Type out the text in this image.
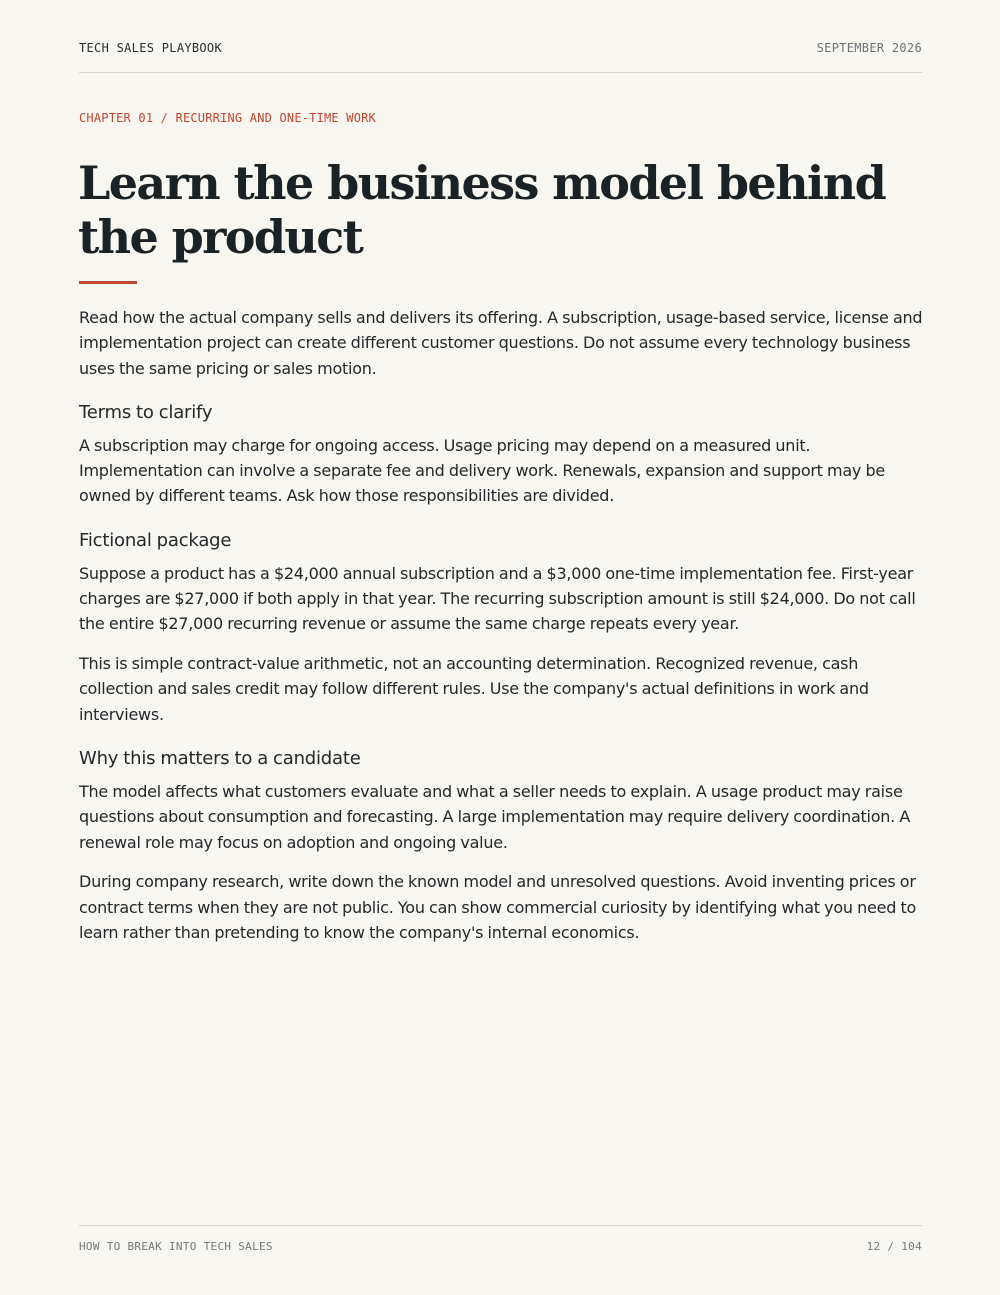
TECH SALES PLAYBOOK	SEPTEMBER 2026
CHAPTER 01 / RECURRING AND ONE-TIME WORK
Learn the business model behind the product

Read how the actual company sells and delivers its offering. A subscription, usage-based service, license and implementation project can create different customer questions. Do not assume every technology business uses the same pricing or sales motion.

Terms to clarify

A subscription may charge for ongoing access. Usage pricing may depend on a measured unit. Implementation can involve a separate fee and delivery work. Renewals, expansion and support may be owned by different teams. Ask how those responsibilities are divided.

Fictional package

Suppose a product has a $24,000 annual subscription and a $3,000 one-time implementation fee. First-year charges are $27,000 if both apply in that year. The recurring subscription amount is still $24,000. Do not call the entire $27,000 recurring revenue or assume the same charge repeats every year.

This is simple contract-value arithmetic, not an accounting determination. Recognized revenue, cash collection and sales credit may follow different rules. Use the company's actual definitions in work and interviews.

Why this matters to a candidate

The model affects what customers evaluate and what a seller needs to explain. A usage product may raise questions about consumption and forecasting. A large implementation may require delivery coordination. A renewal role may focus on adoption and ongoing value.

During company research, write down the known model and unresolved questions. Avoid inventing prices or contract terms when they are not public. You can show commercial curiosity by identifying what you need to learn rather than pretending to know the company's internal economics.

HOW TO BREAK INTO TECH SALES	12 / 104
